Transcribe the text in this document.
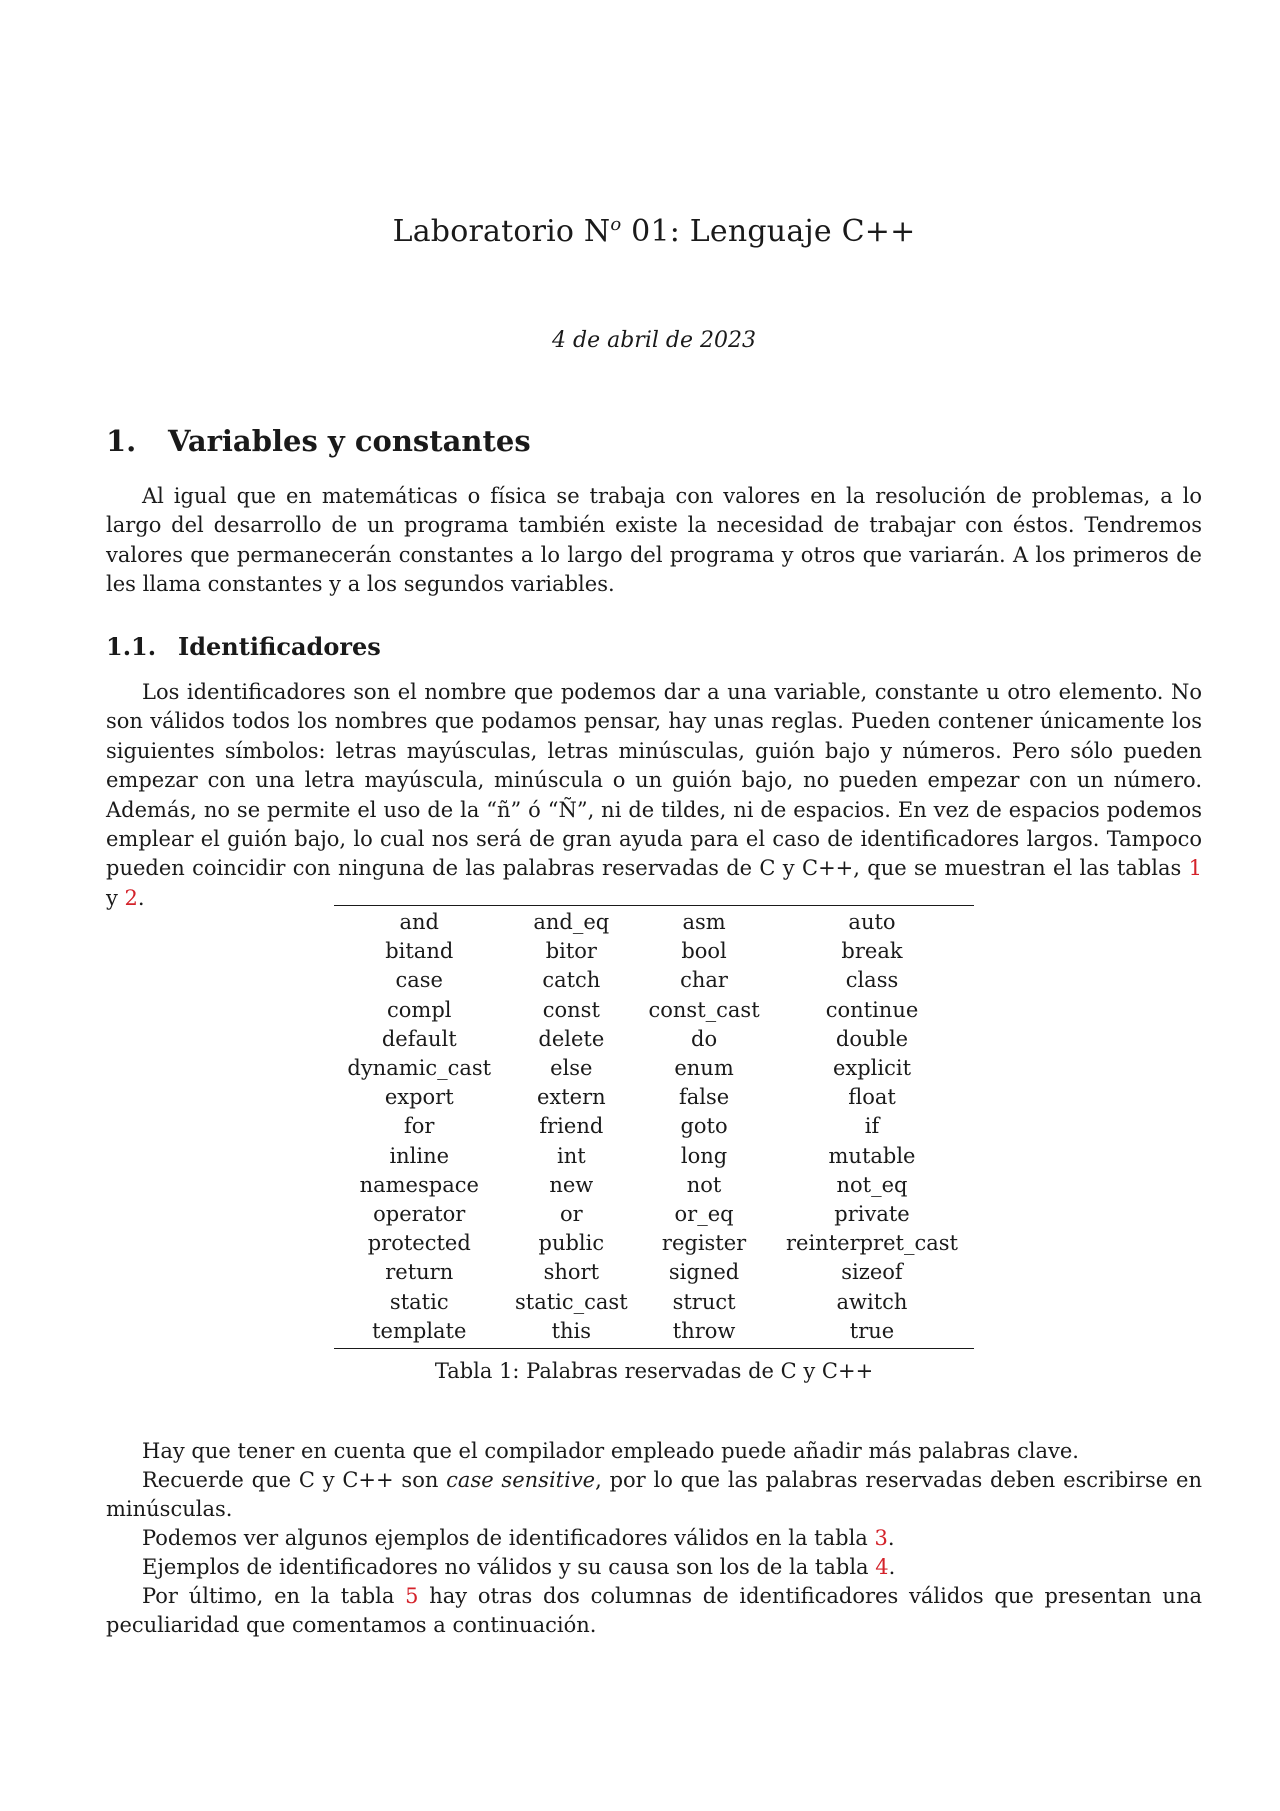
Laboratorio $N^o$ 01: Lenguaje C++
4 de abril de 2023
1. Variables y constantes

Al igual que en matemáticas o física se trabaja con valores en la resolución de problemas, a lo largo del desarrollo de un programa también existe la necesidad de trabajar con éstos. Tendremos valores que permanecerán constantes a lo largo del programa y otros que variarán. A los primeros de les llama constantes y a los segundos variables.

1.1. Identificadores

Los identificadores son el nombre que podemos dar a una variable, constante u otro elemento. No son válidos todos los nombres que podamos pensar, hay unas reglas. Pueden contener únicamente los siguientes símbolos: letras mayúsculas, letras minúsculas, guión bajo y números. Pero sólo pueden empezar con una letra mayúscula, minúscula o un guión bajo, no pueden empezar con un número. Además, no se permite el uso de la “ñ” ó “Ñ”, ni de tildes, ni de espacios. En vez de espacios podemos emplear el guión bajo, lo cual nos será de gran ayuda para el caso de identificadores largos. Tampoco pueden coincidir con ninguna de las palabras reservadas de C y C++, que se muestran el las tablas 1 y 2.

and	and_eq	asm	auto
bitand	bitor	bool	break
case	catch	char	class
compl	const	const_cast	continue
default	delete	do	double
dynamic_cast	else	enum	explicit
export	extern	false	float
for	friend	goto	if
inline	int	long	mutable
namespace	new	not	not_eq
operator	or	or_eq	private
protected	public	register	reinterpret_cast
return	short	signed	sizeof
static	static_cast	struct	awitch
template	this	throw	true
Tabla 1: Palabras reservadas de C y C++

Hay que tener en cuenta que el compilador empleado puede añadir más palabras clave.

Recuerde que C y C++ son case sensitive, por lo que las palabras reservadas deben escribirse en minúsculas.

Podemos ver algunos ejemplos de identificadores válidos en la tabla 3.

Ejemplos de identificadores no válidos y su causa son los de la tabla 4.

Por último, en la tabla 5 hay otras dos columnas de identificadores válidos que presentan una peculiaridad que comentamos a continuación.
